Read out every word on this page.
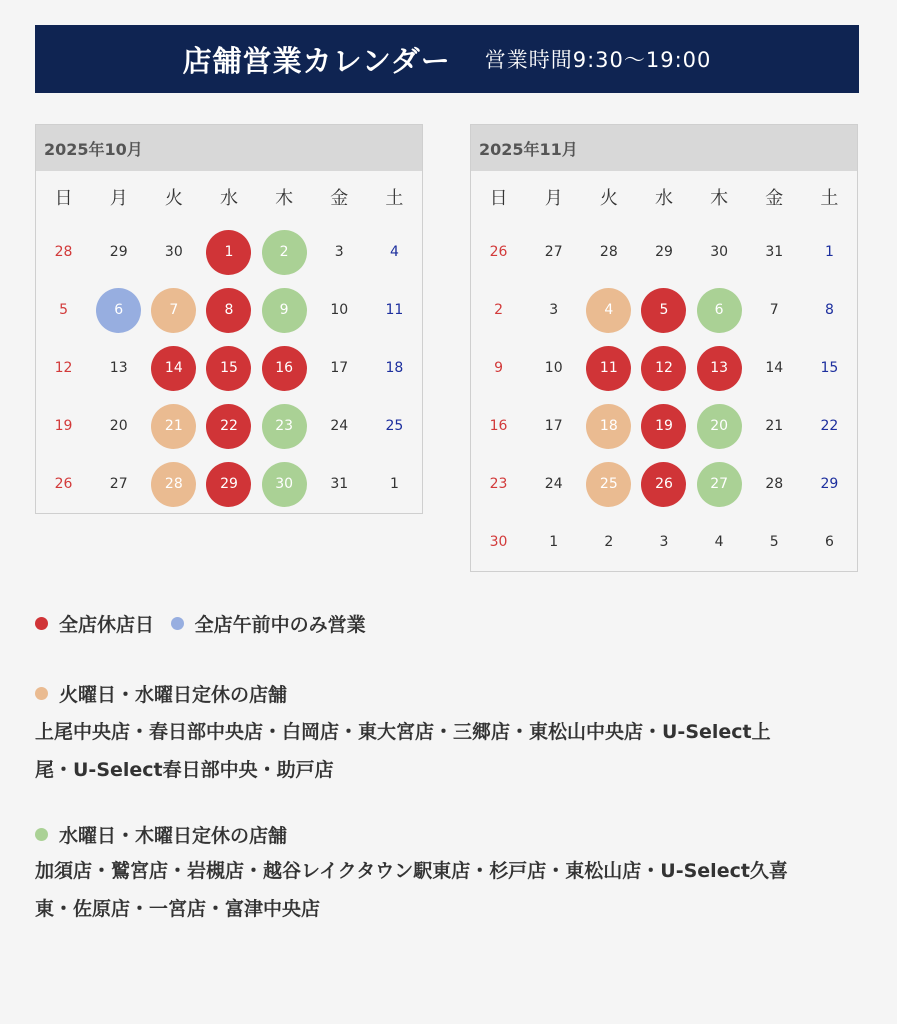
店舗営業カレンダー 営業時間9:30〜19:00
2025年10月
日	月	火	水	木	金	土
28	29	30	1	2	3	4
5	6	7	8	9	10	11
12	13	14	15	16	17	18
19	20	21	22	23	24	25
26	27	28	29	30	31	1
2025年11月
日	月	火	水	木	金	土
26	27	28	29	30	31	1
2	3	4	5	6	7	8
9	10	11	12	13	14	15
16	17	18	19	20	21	22
23	24	25	26	27	28	29
30	1	2	3	4	5	6
全店休店日 全店午前中のみ営業
火曜日・水曜日定休の店舗
上尾中央店・春日部中央店・白岡店・東大宮店・三郷店・東松山中央店・U-Select上尾・U-Select春日部中央・助戸店
水曜日・木曜日定休の店舗
加須店・鷲宮店・岩槻店・越谷レイクタウン駅東店・杉戸店・東松山店・U-Select久喜東・佐原店・一宮店・富津中央店
